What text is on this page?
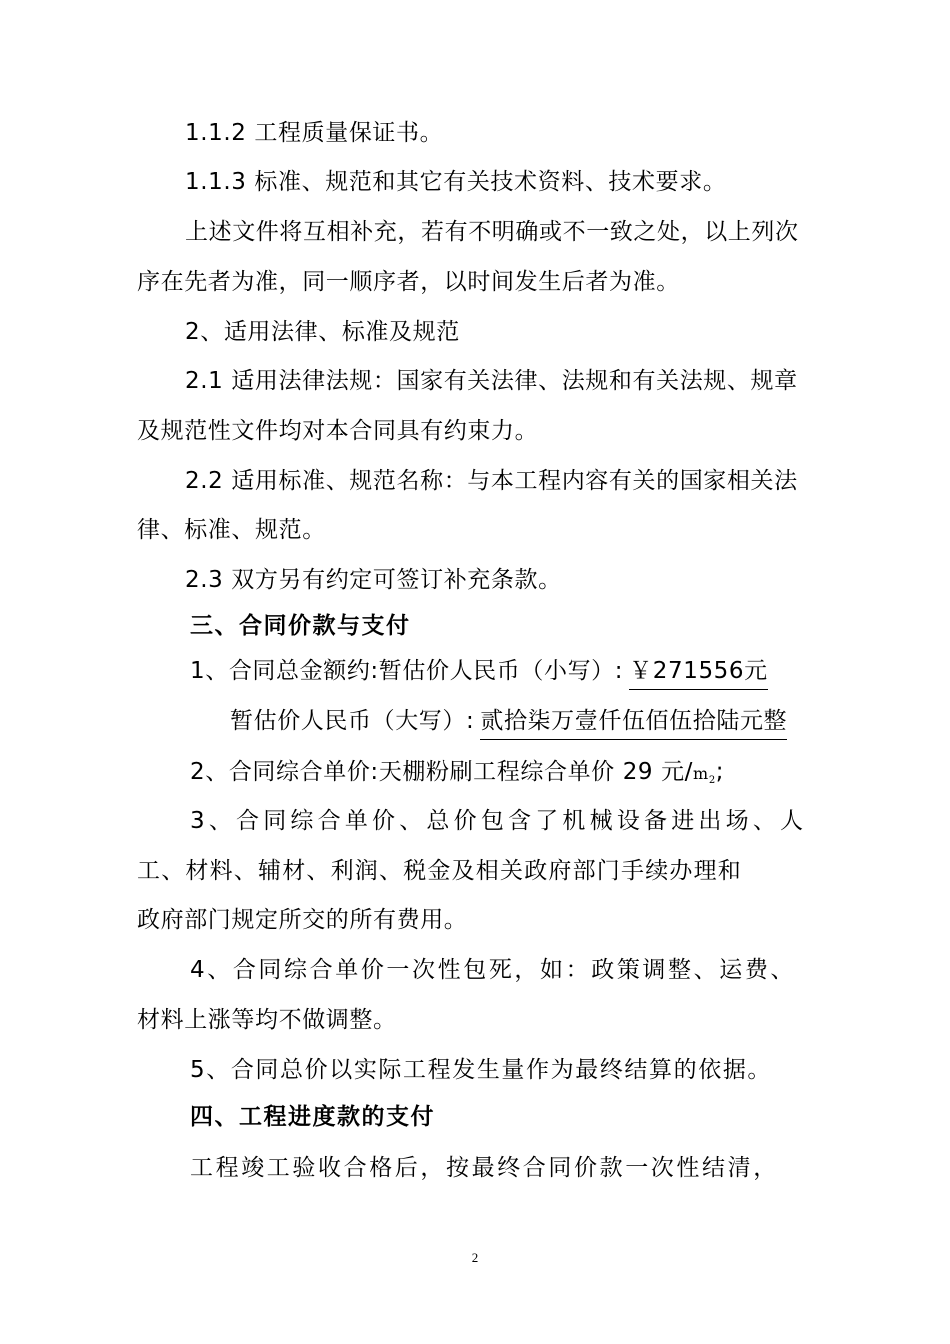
1.1.2 工程质量保证书。
1.1.3 标准、规范和其它有关技术资料、技术要求。
上述文件将互相补充，若有不明确或不一致之处，以上列次
序在先者为准，同一顺序者，以时间发生后者为准。
2、适用法律、标准及规范
2.1 适用法律法规：国家有关法律、法规和有关法规、规章
及规范性文件均对本合同具有约束力。
2.2 适用标准、规范名称：与本工程内容有关的国家相关法
律、标准、规范。
2.3 双方另有约定可签订补充条款。
三、合同价款与支付
1、合同总金额约:暂估价人民币（小写）: ￥271556元
暂估价人民币（大写）: 贰拾柒万壹仟伍佰伍拾陆元整
2、合同综合单价:天棚粉刷工程综合单价 29 元$/m_2$;
3、合同综合单价、总价包含了机械设备进出场、人
工、材料、辅材、利润、税金及相关政府部门手续办理和
政府部门规定所交的所有费用。
4、合同综合单价一次性包死，如：政策调整、运费、
材料上涨等均不做调整。
5、合同总价以实际工程发生量作为最终结算的依据。
四、工程进度款的支付
工程竣工验收合格后，按最终合同价款一次性结清，
2
